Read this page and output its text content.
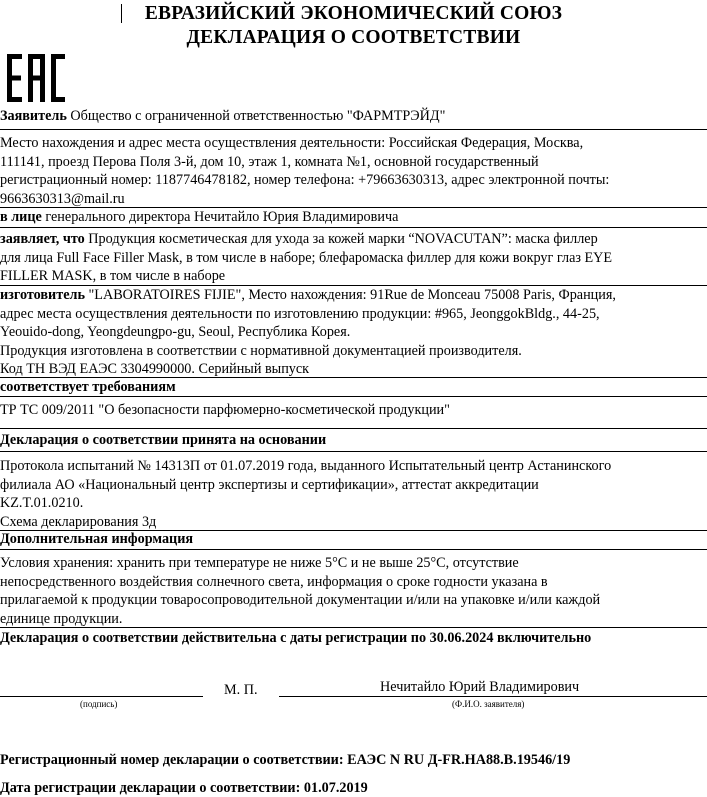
ЕВРАЗИЙСКИЙ ЭКОНОМИЧЕСКИЙ СОЮЗ
ДЕКЛАРАЦИЯ О СООТВЕТСТВИИ
Заявитель Общество с ограниченной ответственностью "ФАРМТРЭЙД"
Место нахождения и адрес места осуществления деятельности: Российская Федерация, Москва,
111141, проезд Перова Поля 3-й, дом 10, этаж 1, комната №1, основной государственный
регистрационный номер: 1187746478182, номер телефона: +79663630313, адрес электронной почты:
9663630313@mail.ru
в лице генерального директора Нечитайло Юрия Владимировича
заявляет, что Продукция косметическая для ухода за кожей марки “NOVACUTAN”: маска филлер
для лица Full Face Filler Mask, в том числе в наборе; блефаромаска филлер для кожи вокруг глаз EYE
FILLER MASK, в том числе в наборе
изготовитель "LABORATOIRES FIJIE", Место нахождения: 91Rue de Monceau 75008 Paris, Франция,
адрес места осуществления деятельности по изготовлению продукции: #965, JeonggokBldg., 44-25,
Yeouido-dong, Yeongdeungpo-gu, Seoul, Республика Корея.
Продукция изготовлена в соответствии с нормативной документацией производителя.
Код ТН ВЭД ЕАЭС 3304990000. Серийный выпуск
соответствует требованиям
ТР ТС 009/2011 "О безопасности парфюмерно-косметической продукции"
Декларация о соответствии принята на основании
Протокола испытаний № 14313П от 01.07.2019 года, выданного Испытательный центр Астанинского
филиала АО «Национальный центр экспертизы и сертификации», аттестат аккредитации
KZ.T.01.0210.
Схема декларирования 3д
Дополнительная информация
Условия хранения: хранить при температуре не ниже 5°С и не выше 25°С, отсутствие
непосредственного воздействия солнечного света, информация о сроке годности указана в
прилагаемой к продукции товаросопроводительной документации и/или на упаковке и/или каждой
единице продукции.
Декларация о соответствии действительна с даты регистрации по 30.06.2024 включительно
М. П.	Нечитайло Юрий Владимирович
(подпись)	(Ф.И.О. заявителя)
Регистрационный номер декларации о соответствии: ЕАЭС N RU Д-FR.НА88.В.19546/19
Дата регистрации декларации о соответствии: 01.07.2019
